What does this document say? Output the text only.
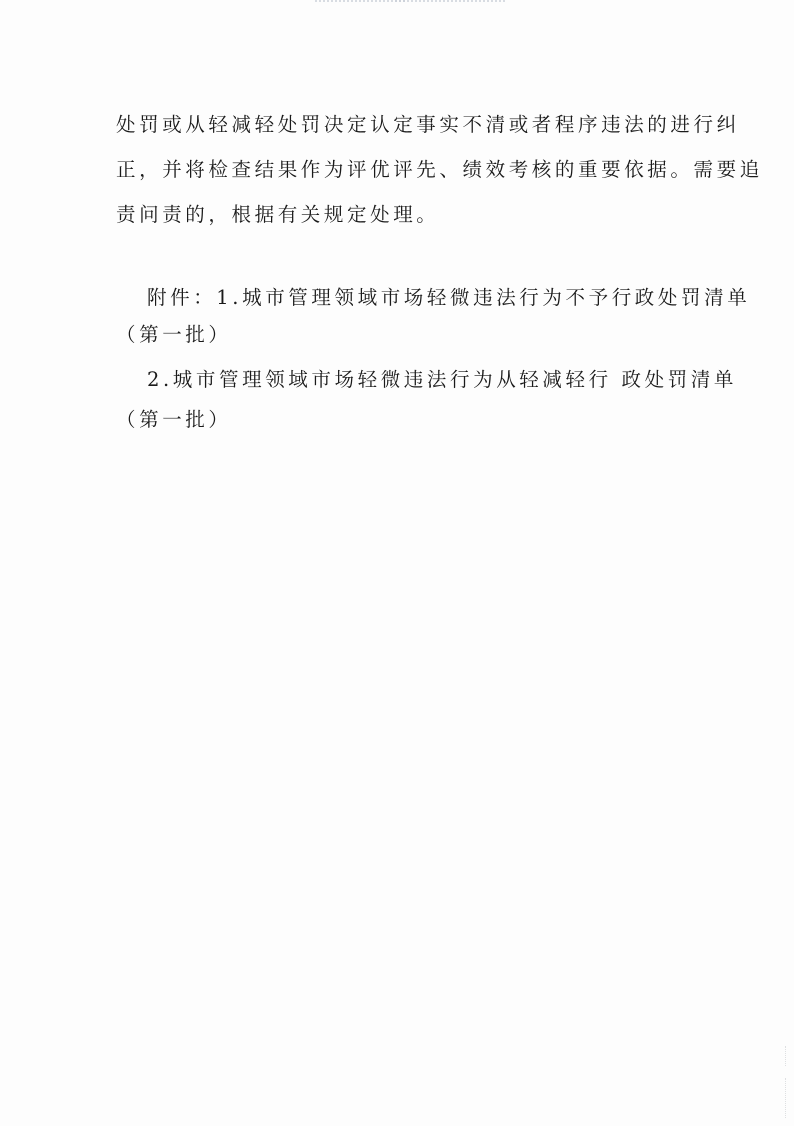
处罚或从轻减轻处罚决定认定事实不清或者程序违法的进行纠
正，并将检查结果作为评优评先、绩效考核的重要依据。需要追
责问责的，根据有关规定处理。
附件：1.城市管理领域市场轻微违法行为不予行政处罚清单
（第一批）
2.城市管理领域市场轻微违法行为从轻减轻行 政处罚清单
（第一批）
